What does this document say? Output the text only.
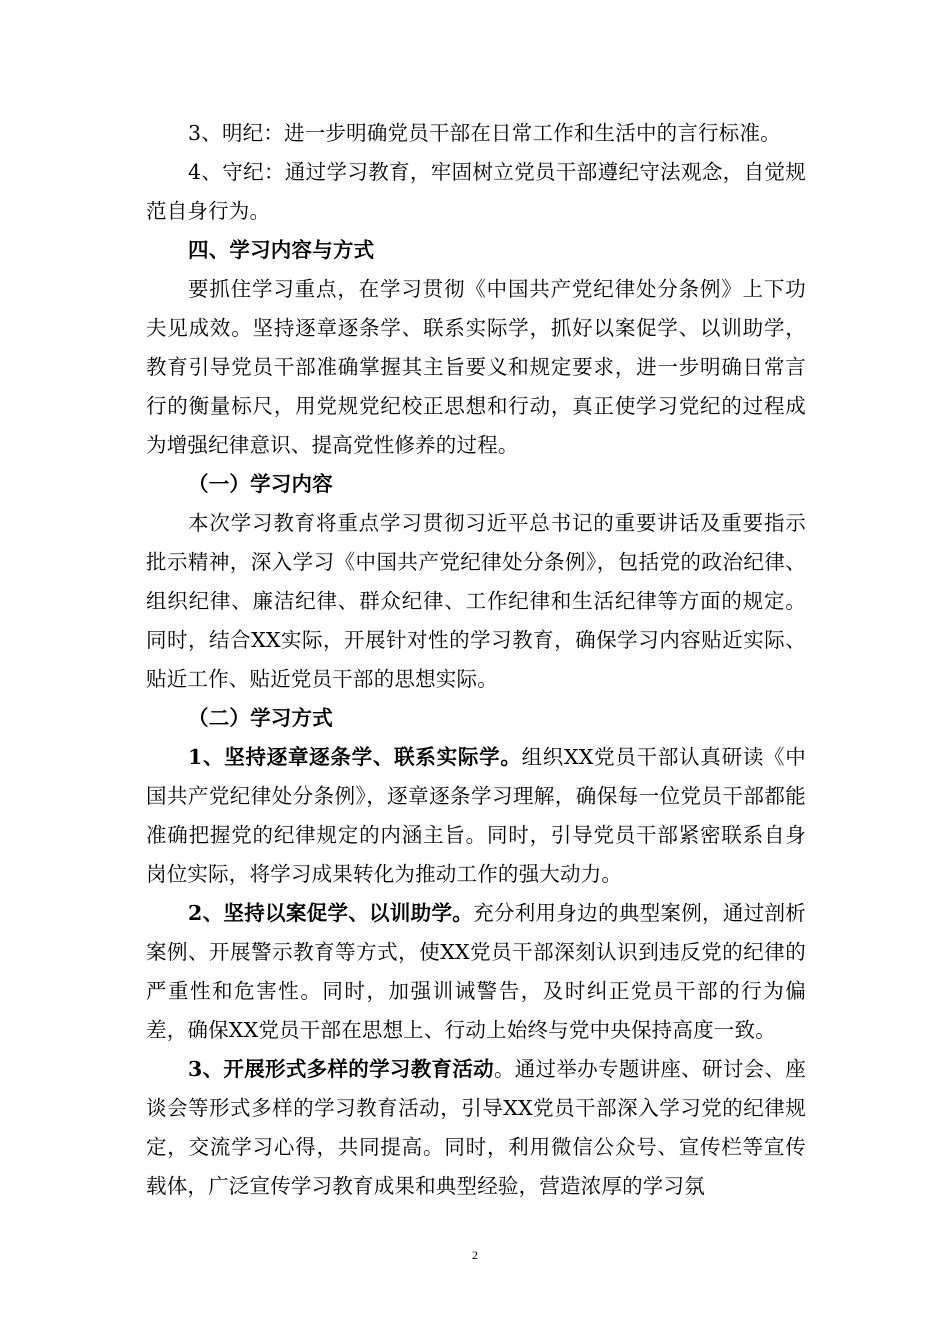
3、明纪：进一步明确党员干部在日常工作和生活中的言行标准。

4、守纪：通过学习教育，牢固树立党员干部遵纪守法观念，自觉规范自身行为。

四、学习内容与方式

要抓住学习重点，在学习贯彻《中国共产党纪律处分条例》上下功夫见成效。坚持逐章逐条学、联系实际学，抓好以案促学、以训助学，教育引导党员干部准确掌握其主旨要义和规定要求，进一步明确日常言行的衡量标尺，用党规党纪校正思想和行动，真正使学习党纪的过程成为增强纪律意识、提高党性修养的过程。

（一）学习内容

本次学习教育将重点学习贯彻习近平总书记的重要讲话及重要指示批示精神，深入学习《中国共产党纪律处分条例》，包括党的政治纪律、组织纪律、廉洁纪律、群众纪律、工作纪律和生活纪律等方面的规定。同时，结合XX实际，开展针对性的学习教育，确保学习内容贴近实际、贴近工作、贴近党员干部的思想实际。

（二）学习方式

1、坚持逐章逐条学、联系实际学。组织XX党员干部认真研读《中国共产党纪律处分条例》，逐章逐条学习理解，确保每一位党员干部都能准确把握党的纪律规定的内涵主旨。同时，引导党员干部紧密联系自身岗位实际，将学习成果转化为推动工作的强大动力。

2、坚持以案促学、以训助学。充分利用身边的典型案例，通过剖析案例、开展警示教育等方式，使XX党员干部深刻认识到违反党的纪律的严重性和危害性。同时，加强训诫警告，及时纠正党员干部的行为偏差，确保XX党员干部在思想上、行动上始终与党中央保持高度一致。

3、开展形式多样的学习教育活动。通过举办专题讲座、研讨会、座谈会等形式多样的学习教育活动，引导XX党员干部深入学习党的纪律规定，交流学习心得，共同提高。同时，利用微信公众号、宣传栏等宣传载体，广泛宣传学习教育成果和典型经验，营造浓厚的学习氛

2
